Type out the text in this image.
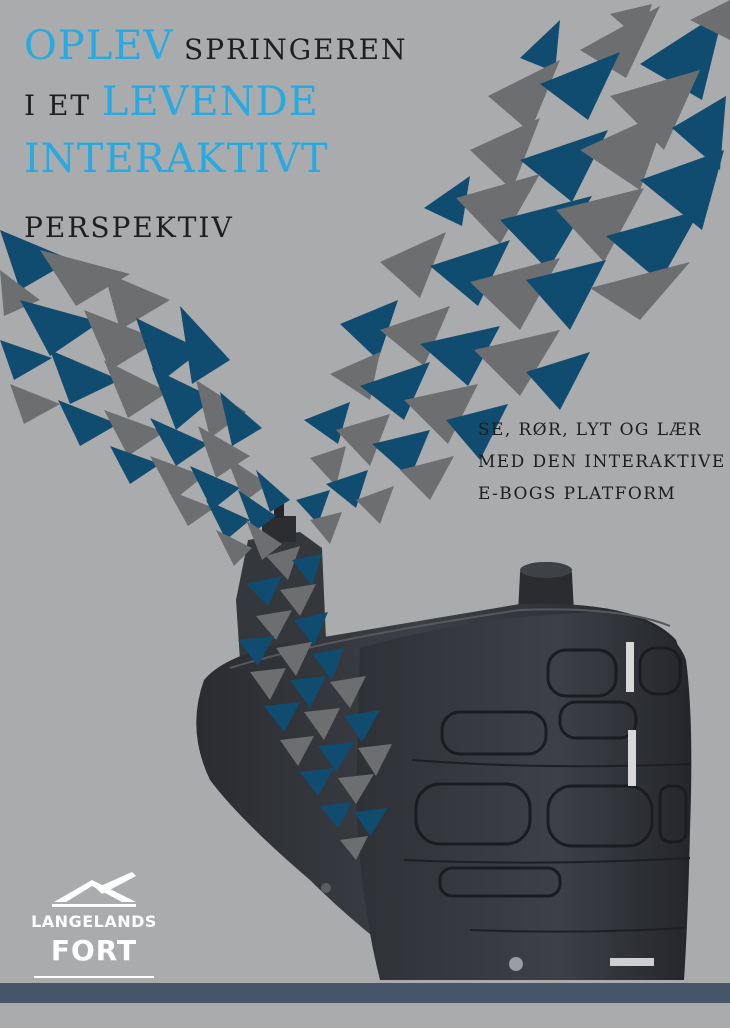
OPLEV SPRINGEREN
I ET LEVENDE
INTERAKTIVT
PERSPEKTIV
SE, RØR, LYT OG LÆR
MED DEN INTERAKTIVE
E-BOGS PLATFORM
LANGELANDS
FORT
